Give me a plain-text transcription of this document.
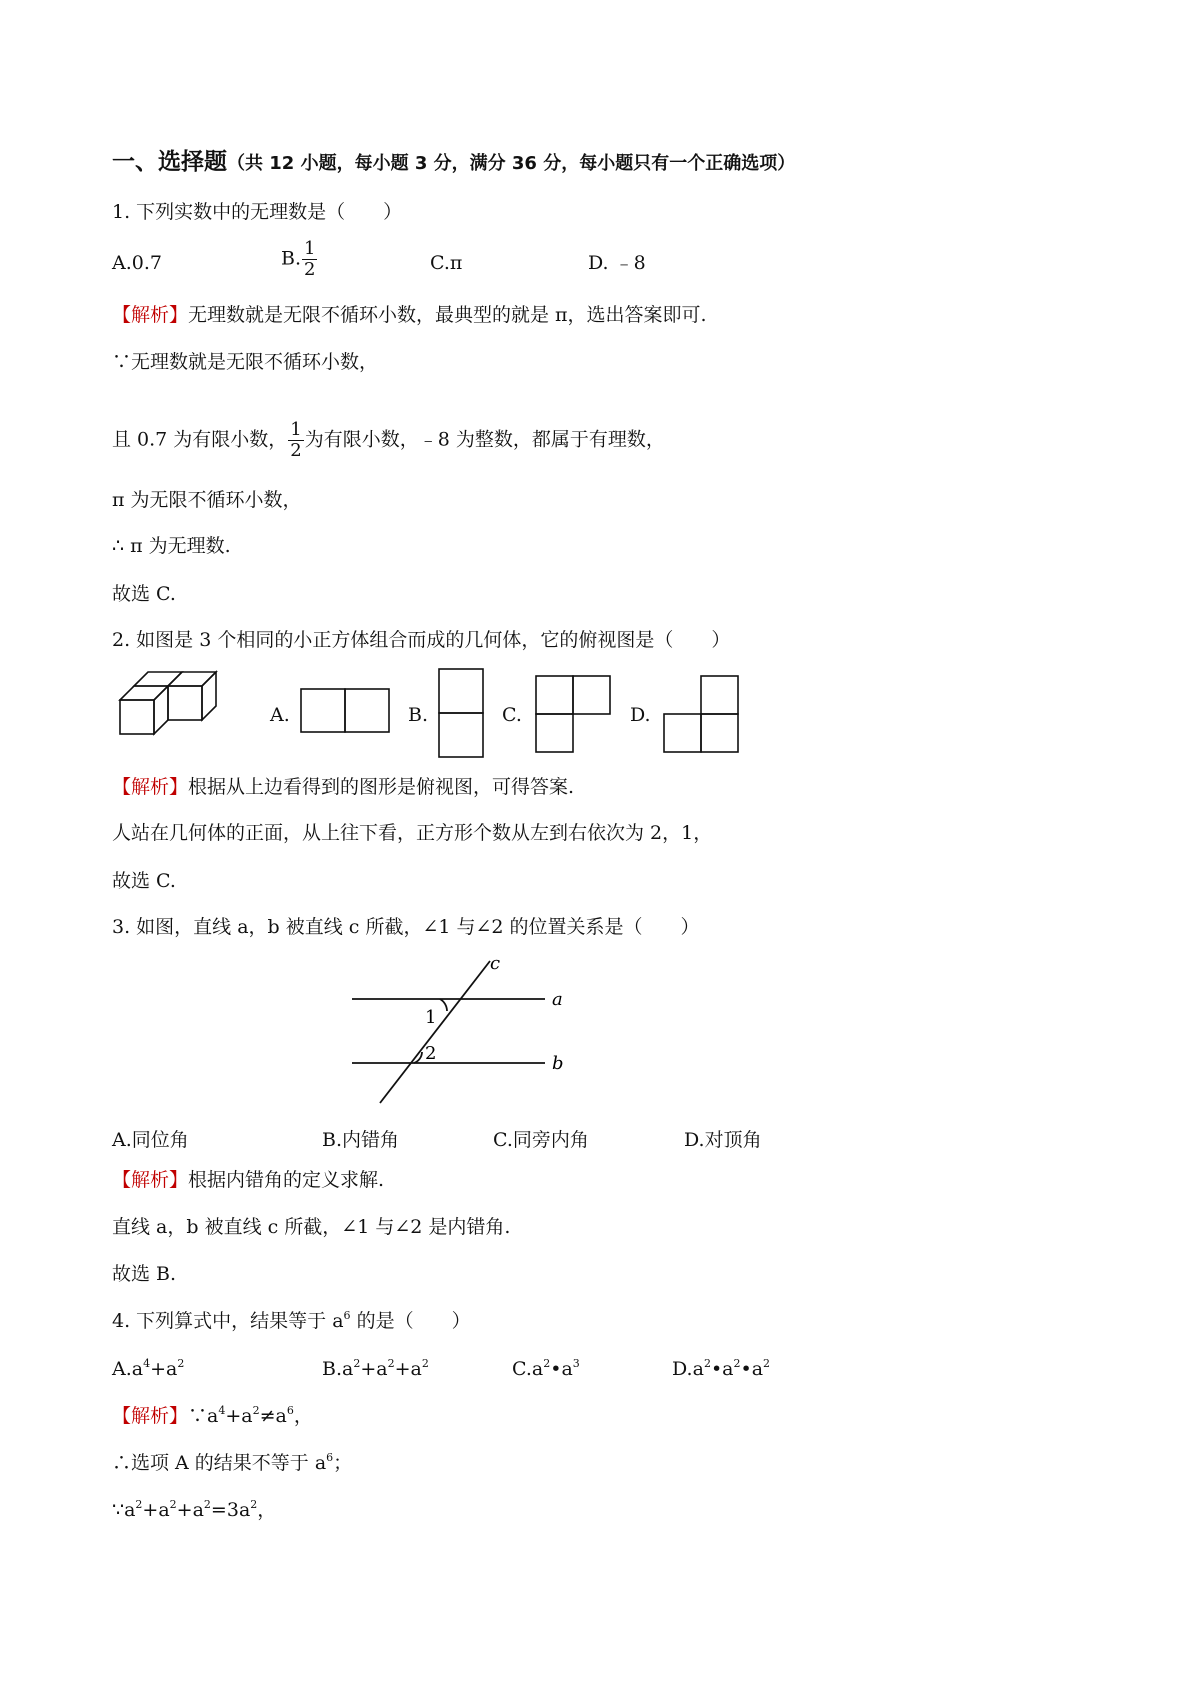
一、选择题（共 12 小题，每小题 3 分，满分 36 分，每小题只有一个正确选项）
1. 下列实数中的无理数是（　　）
A.0.7	B. $\frac{1}{2}$	C.π	D. ﹣8
【解析】无理数就是无限不循环小数，最典型的就是 π，选出答案即可.
∵无理数就是无限不循环小数，
且 0.7 为有限小数， $\frac{1}{2}$ 为有限小数，﹣8 为整数，都属于有理数，
π 为无限不循环小数，
∴ π 为无理数.
故选 C.
2. 如图是 3 个相同的小正方体组合而成的几何体，它的俯视图是（　　）
A.	B.	C.	D.
【解析】根据从上边看得到的图形是俯视图，可得答案.
人站在几何体的正面，从上往下看，正方形个数从左到右依次为 2，1，
故选 C.
3. 如图，直线 a，b 被直线 c 所截，∠1 与∠2 的位置关系是（　　）
c
a
b
1
2
A.同位角	B.内错角	C.同旁内角	D.对顶角
【解析】根据内错角的定义求解.
直线 a，b 被直线 c 所截，∠1 与∠2 是内错角.
故选 B.
4. 下列算式中，结果等于 $a^6$ 的是（　　）
$A.a^4+a^2$	$B.a^2+a^2+a^2$	$C.a^2•a^3$	$D.a^2•a^2•a^2$
【解析】$\because a^4+a^2\ne a^6$，
∴选项 A 的结果不等于 $a^6$；
$\because a^2+a^2+a^2=3a^2$，
